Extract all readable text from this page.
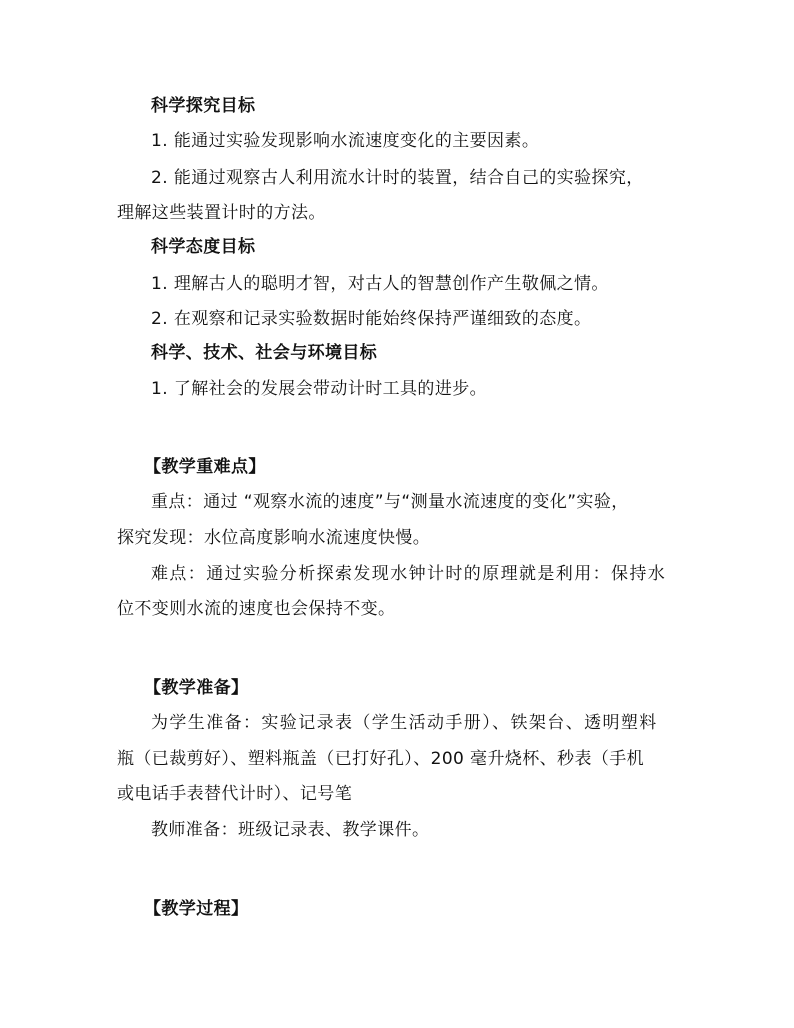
科学探究目标
1. 能通过实验发现影响水流速度变化的主要因素。
2. 能通过观察古人利用流水计时的装置，结合自己的实验探究，
理解这些装置计时的方法。
科学态度目标
1. 理解古人的聪明才智，对古人的智慧创作产生敬佩之情。
2. 在观察和记录实验数据时能始终保持严谨细致的态度。
科学、技术、社会与环境目标
1. 了解社会的发展会带动计时工具的进步。
【教学重难点】
重点：通过 “观察水流的速度”与“测量水流速度的变化”实验，
探究发现：水位高度影响水流速度快慢。
难点：通过实验分析探索发现水钟计时的原理就是利用：保持水
位不变则水流的速度也会保持不变。
【教学准备】
为学生准备：实验记录表（学生活动手册）、铁架台、透明塑料
瓶（已裁剪好）、塑料瓶盖（已打好孔）、200 毫升烧杯、秒表（手机
或电话手表替代计时）、记号笔
教师准备：班级记录表、教学课件。
【教学过程】
